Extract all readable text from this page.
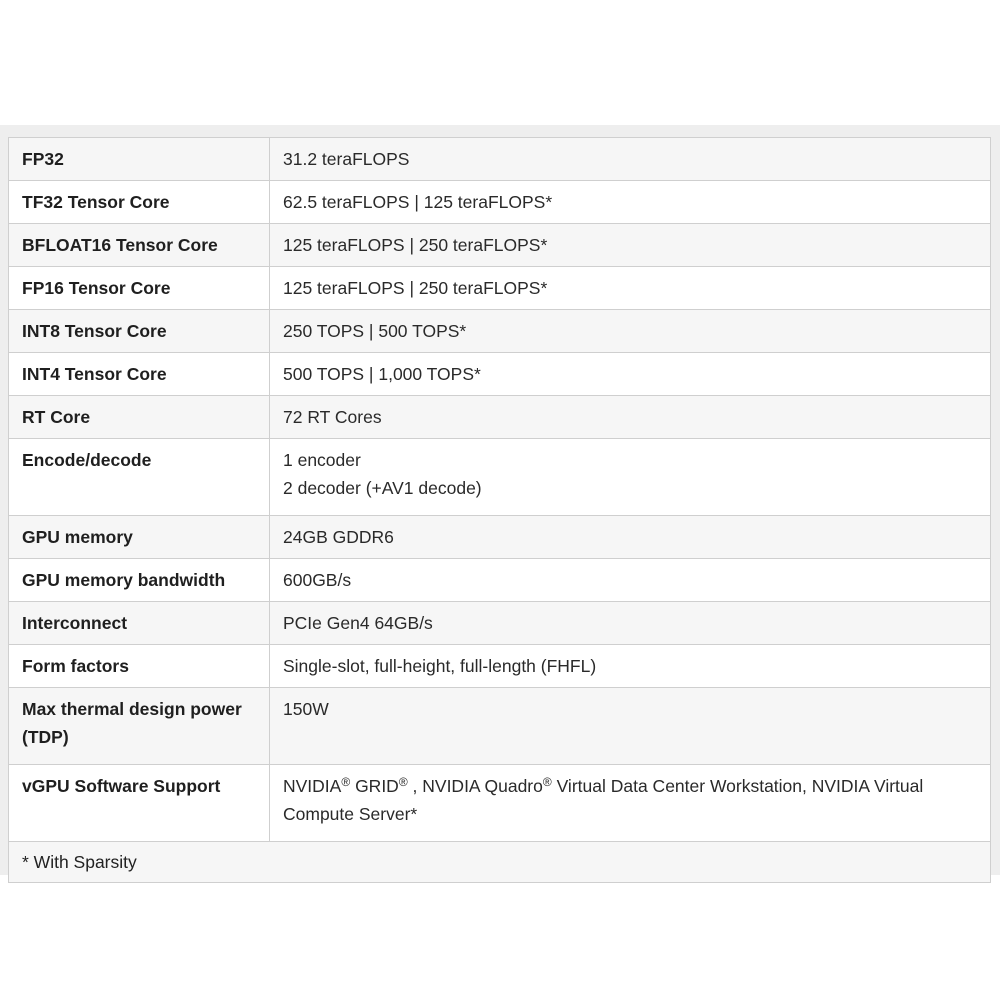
FP32	31.2 teraFLOPS
TF32 Tensor Core	62.5 teraFLOPS | 125 teraFLOPS*
BFLOAT16 Tensor Core	125 teraFLOPS | 250 teraFLOPS*
FP16 Tensor Core	125 teraFLOPS | 250 teraFLOPS*
INT8 Tensor Core	250 TOPS | 500 TOPS*
INT4 Tensor Core	500 TOPS | 1,000 TOPS*
RT Core	72 RT Cores
Encode/decode	1 encoder
2 decoder (+AV1 decode)

GPU memory	24GB GDDR6
GPU memory bandwidth	600GB/s
Interconnect	PCIe Gen4 64GB/s
Form factors	Single-slot, full-height, full-length (FHFL)
Max thermal design power (TDP)	150W
vGPU Software Support	NVIDIA® GRID® , NVIDIA Quadro® Virtual Data Center Workstation, NVIDIA Virtual Compute Server*
* With Sparsity	
